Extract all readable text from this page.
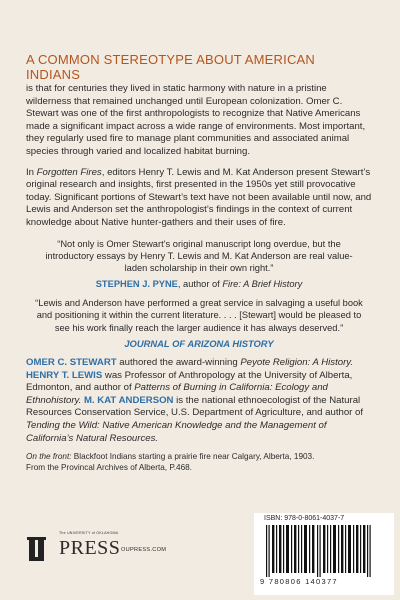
A COMMON STEREOTYPE ABOUT AMERICAN INDIANS

is that for centuries they lived in static harmony with nature in a pristine wilderness that remained unchanged until European colonization. Omer C. Stewart was one of the first anthropologists to recognize that Native Americans made a significant impact across a wide range of environments. Most important, they regularly used fire to manage plant communities and associated animal species through varied and localized habitat burning.

In Forgotten Fires, editors Henry T. Lewis and M. Kat Anderson present Stewart’s original research and insights, first presented in the 1950s yet still provocative today. Significant portions of Stewart’s text have not been available until now, and Lewis and Anderson set the anthropologist’s findings in the context of current knowledge about Native hunter-gathers and their uses of fire.

“Not only is Omer Stewart’s original manuscript long overdue, but the introductory essays by Henry T. Lewis and M. Kat Anderson are real value-laden scholarship in their own right.”

STEPHEN J. PYNE, author of Fire: A Brief History

“Lewis and Anderson have performed a great service in salvaging a useful book and positioning it within the current literature. . . . [Stewart] would be pleased to see his work finally reach the larger audience it has always deserved.”

JOURNAL OF ARIZONA HISTORY

OMER C. STEWART authored the award-winning Peyote Religion: A History. HENRY T. LEWIS was Professor of Anthropology at the University of Alberta, Edmonton, and author of Patterns of Burning in California: Ecology and Ethnohistory. M. KAT ANDERSON is the national ethnoecologist of the Natural Resources Conservation Service, U.S. Department of Agriculture, and author of Tending the Wild: Native American Knowledge and the Management of California’s Natural Resources.

On the front: Blackfoot Indians starting a prairie fire near Calgary, Alberta, 1903.
From the Provincal Archives of Alberta, P.468.

The UNIVERSITY of OKLAHOMA
PRESS OUPRESS.COM
ISBN: 978-0-8061-4037-7
9 780806 140377
